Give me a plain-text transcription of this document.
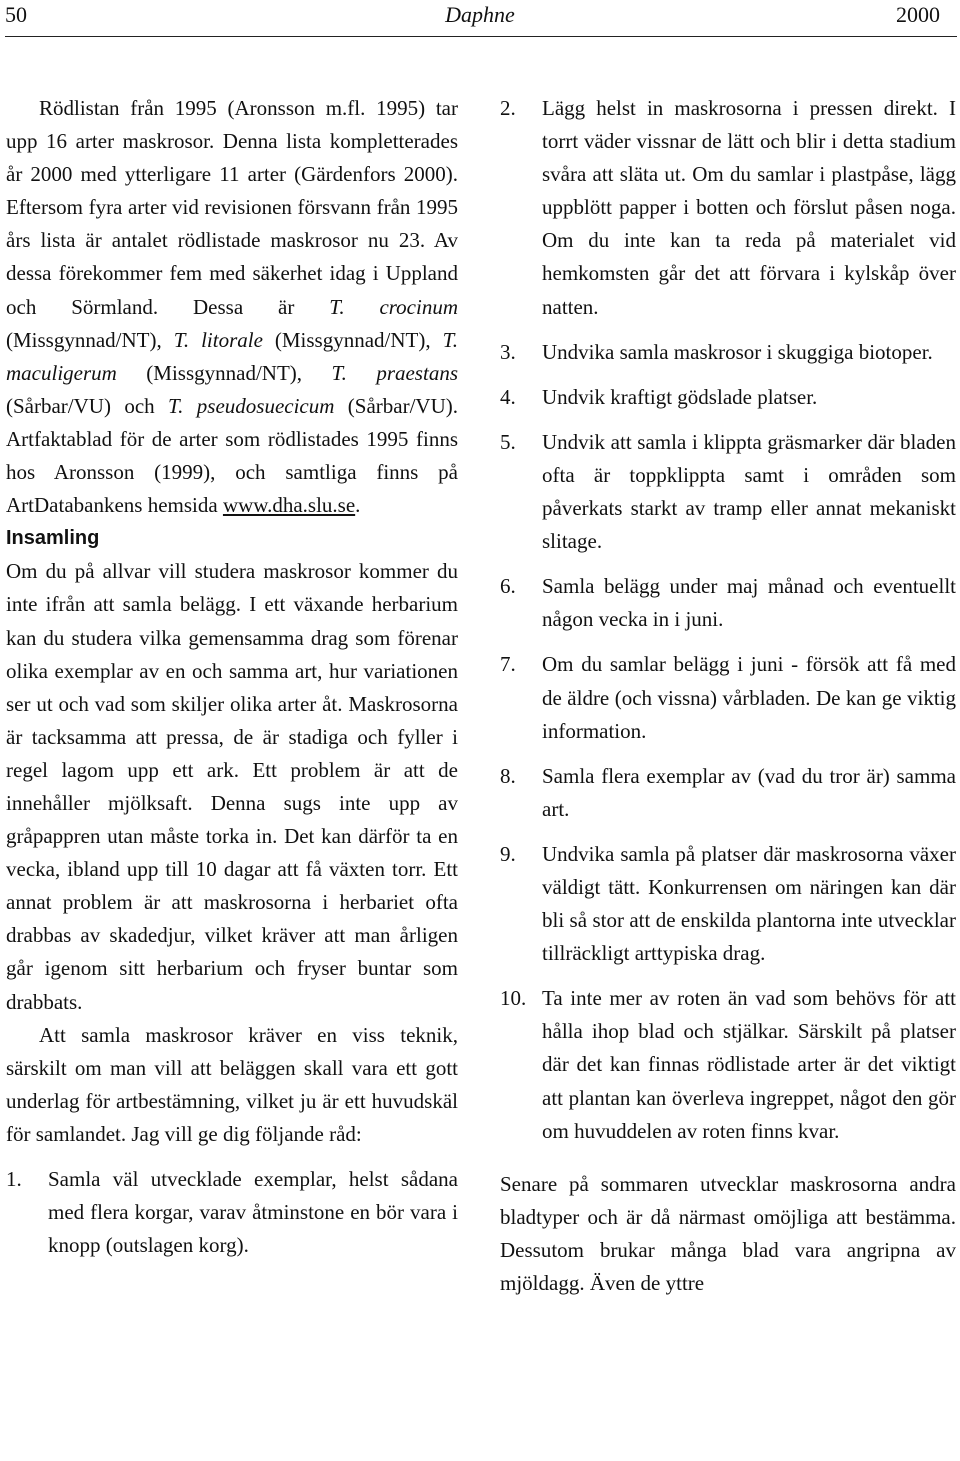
50	Daphne	2000

Rödlistan från 1995 (Aronsson m.fl. 1995) tar upp 16 arter maskrosor. Denna lista kompletterades år 2000 med ytterligare 11 arter (Gärdenfors 2000). Eftersom fyra arter vid revisionen försvann från 1995 års lista är antalet rödlistade maskrosor nu 23. Av dessa förekommer fem med säkerhet idag i Uppland och Sörmland. Dessa är T. crocinum (Missgynnad/NT), T. litorale (Missgynnad/NT), T. maculigerum (Missgynnad/NT), T. praestans (Sårbar/VU) och T. pseudosuecicum (Sårbar/VU). Artfaktablad för de arter som rödlistades 1995 finns hos Aronsson (1999), och samtliga finns på ArtDatabankens hemsida www.dha.slu.se.

Insamling

Om du på allvar vill studera maskrosor kommer du inte ifrån att samla belägg. I ett växande herbarium kan du studera vilka gemensamma drag som förenar olika exemplar av en och samma art, hur variationen ser ut och vad som skiljer olika arter åt. Maskrosorna är tacksamma att pressa, de är stadiga och fyller i regel lagom upp ett ark. Ett problem är att de innehåller mjölksaft. Denna sugs inte upp av gråpappren utan måste torka in. Det kan därför ta en vecka, ibland upp till 10 dagar att få växten torr. Ett annat problem är att maskrosorna i herbariet ofta drabbas av skadedjur, vilket kräver att man årligen går igenom sitt herbarium och fryser buntar som drabbats.

Att samla maskrosor kräver en viss teknik, särskilt om man vill att beläggen skall vara ett gott underlag för artbestämning, vilket ju är ett huvudskäl för samlandet. Jag vill ge dig följande råd:

1. Samla väl utvecklade exemplar, helst sådana med flera korgar, varav åtminstone en bör vara i knopp (outslagen korg).
2. Lägg helst in maskrosorna i pressen direkt. I torrt väder vissnar de lätt och blir i detta stadium svåra att släta ut. Om du samlar i plastpåse, lägg uppblött papper i botten och förslut påsen noga. Om du inte kan ta reda på materialet vid hemkomsten går det att förvara i kylskåp över natten.
3. Undvika samla maskrosor i skuggiga biotoper.
4. Undvik kraftigt gödslade platser.
5. Undvik att samla i klippta gräsmarker där bladen ofta är toppklippta samt i områden som påverkats starkt av tramp eller annat mekaniskt slitage.
6. Samla belägg under maj månad och eventuellt någon vecka in i juni.
7. Om du samlar belägg i juni - försök att få med de äldre (och vissna) vårbladen. De kan ge viktig information.
8. Samla flera exemplar av (vad du tror är) samma art.
9. Undvika samla på platser där maskrosorna växer väldigt tätt. Konkurrensen om näringen kan där bli så stor att de enskilda plantorna inte utvecklar tillräckligt arttypiska drag.
10. Ta inte mer av roten än vad som behövs för att hålla ihop blad och stjälkar. Särskilt på platser där det kan finnas rödlistade arter är det viktigt att plantan kan överleva ingreppet, något den gör om huvuddelen av roten finns kvar.

Senare på sommaren utvecklar maskrosorna andra bladtyper och är då närmast omöjliga att bestämma. Dessutom brukar många blad vara angripna av mjöldagg. Även de yttre
